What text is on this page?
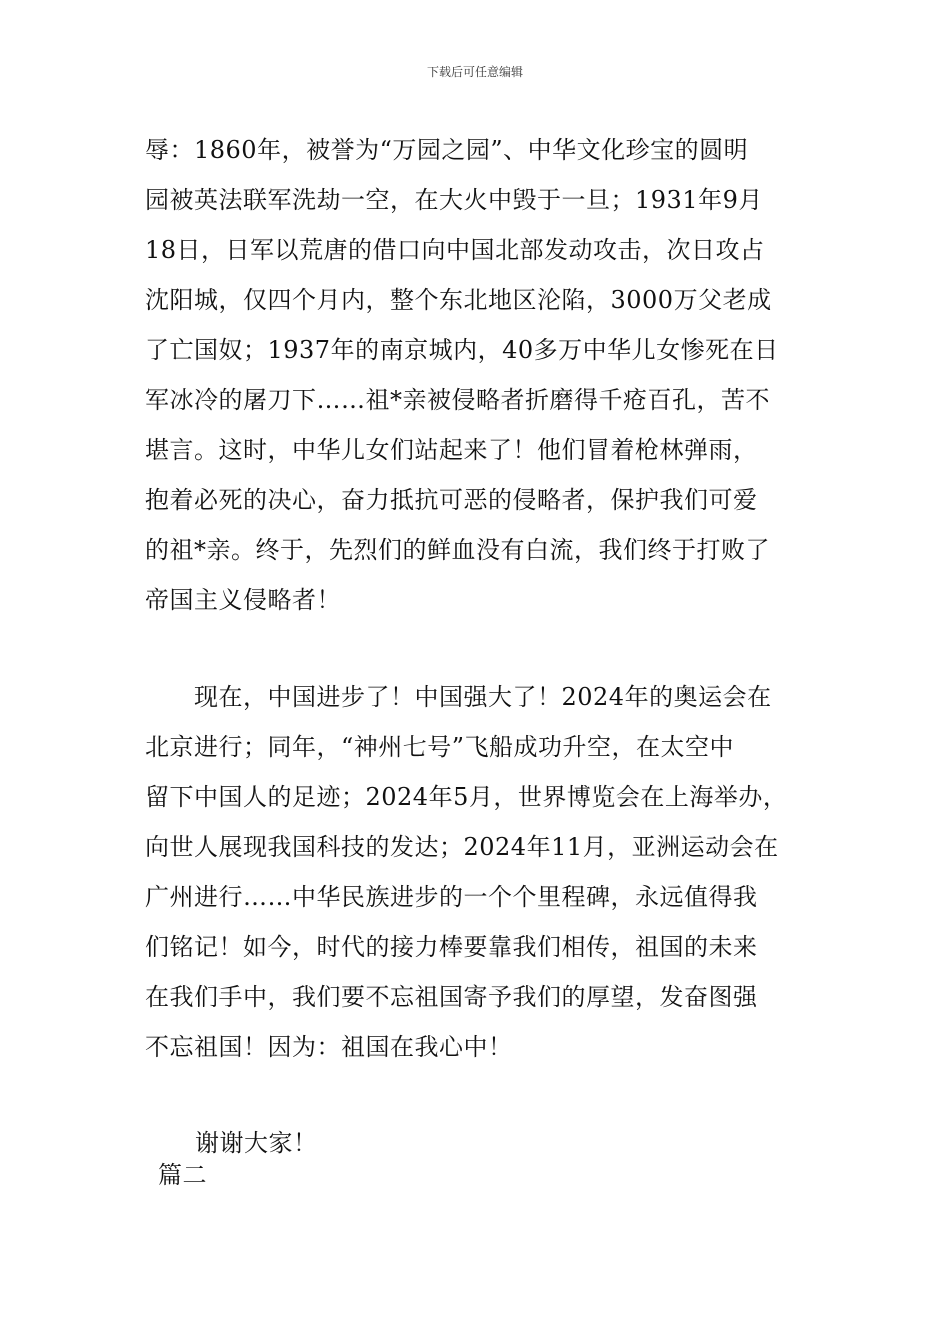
下载后可任意编辑
辱：1860年，被誉为“万园之园”、中华文化珍宝的圆明
园被英法联军洗劫一空，在大火中毁于一旦；1931年9月
18日，日军以荒唐的借口向中国北部发动攻击，次日攻占
沈阳城，仅四个月内，整个东北地区沦陷，3000万父老成
了亡国奴；1937年的南京城内，40多万中华儿女惨死在日
军冰冷的屠刀下……祖*亲被侵略者折磨得千疮百孔，苦不
堪言。这时，中华儿女们站起来了！他们冒着枪林弹雨，
抱着必死的决心，奋力抵抗可恶的侵略者，保护我们可爱
的祖*亲。终于，先烈们的鲜血没有白流，我们终于打败了
帝国主义侵略者！
　　现在，中国进步了！中国强大了！2024年的奥运会在
北京进行；同年，“神州七号”飞船成功升空，在太空中
留下中国人的足迹；2024年5月，世界博览会在上海举办，
向世人展现我国科技的发达；2024年11月，亚洲运动会在
广州进行……中华民族进步的一个个里程碑，永远值得我
们铭记！如今，时代的接力棒要靠我们相传，祖国的未来
在我们手中，我们要不忘祖国寄予我们的厚望，发奋图强
不忘祖国！因为：祖国在我心中！
谢谢大家！
篇二
